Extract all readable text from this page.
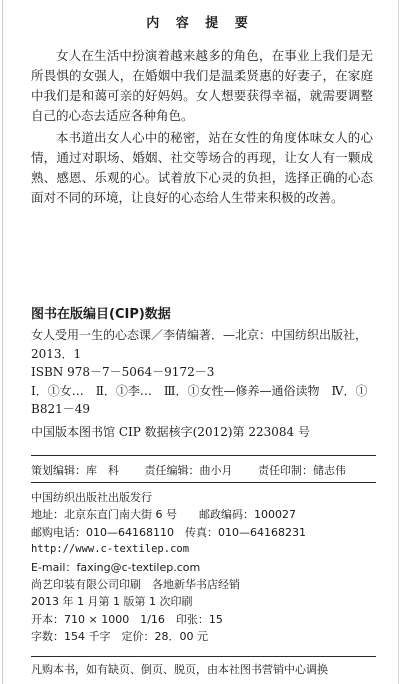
内 容 提 要

女人在生活中扮演着越来越多的角色，在事业上我们是无所畏惧的女强人，在婚姻中我们是温柔贤惠的好妻子，在家庭中我们是和蔼可亲的好妈妈。女人想要获得幸福，就需要调整自己的心态去适应各种角色。

本书道出女人心中的秘密，站在女性的角度体味女人的心情，通过对职场、婚姻、社交等场合的再现，让女人有一颗成熟、感恩、乐观的心。试着放下心灵的负担，选择正确的心态面对不同的环境，让良好的心态给人生带来积极的改善。

图书在版编目(CIP)数据
女人受用一生的心态课／李倩编著．—北京：中国纺织出版社，
2013．1
ISBN 978－7－5064－9172－3
Ⅰ．①女…　Ⅱ．①李…　Ⅲ．①女性—修养—通俗读物　Ⅳ．①
B821－49
中国版本图书馆 CIP 数据核字(2012)第 223084 号
策划编辑：库　科 责任编辑：曲小月 责任印制：储志伟
中国纺织出版社出版发行
地址：北京东直门南大街 6 号　　邮政编码：100027
邮购电话：010—64168110　传真：010—64168231
http://www.c-textilep.com
E-mail：faxing@c-textilep.com
尚艺印装有限公司印刷　各地新华书店经销
2013 年 1 月第 1 版第 1 次印刷
开本：710 × 1000　1/16　印张：15
字数：154 千字　定价：28．00 元
凡购本书，如有缺页、倒页、脱页，由本社图书营销中心调换
